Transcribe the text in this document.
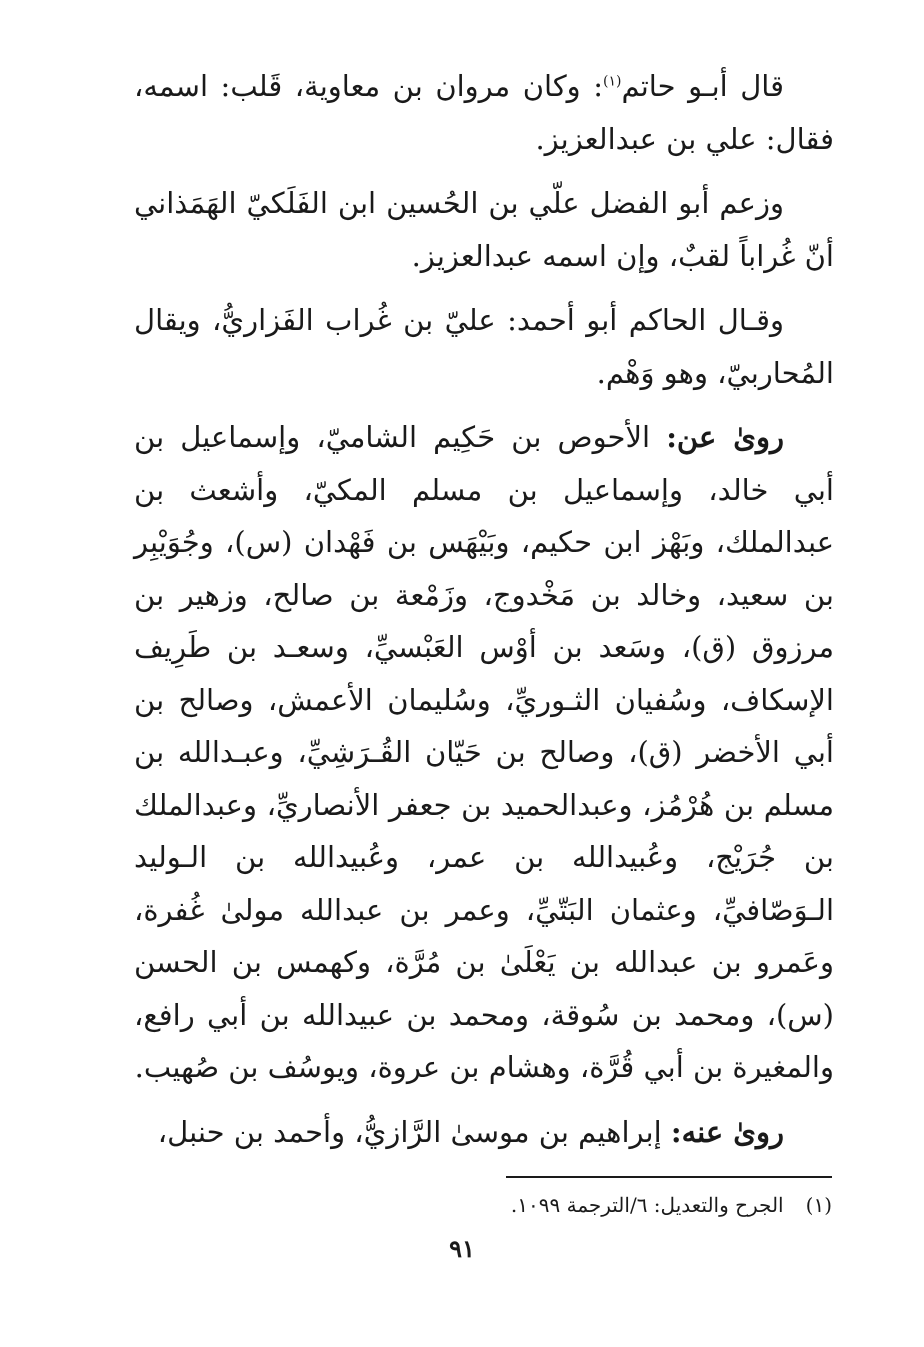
قال أبـو حاتم$^{(١)}$: وكان مروان بن معاوية، قَلب: اسمه، فقال: علي بن عبدالعزيز.

وزعم أبو الفضل علّي بن الحُسين ابن الفَلَكيّ الهَمَذاني أنّ غُراباً لقبٌ، وإن اسمه عبدالعزيز.

وقـال الحاكم أبو أحمد: عليّ بن غُراب الفَزاريُّ، ويقال المُحاربيّ، وهو وَهْم.

روىٰ عن: الأحوص بن حَكِيم الشاميّ، وإسماعيل بن أبي خالد، وإسماعيل بن مسلم المكيّ، وأشعث بن عبدالملك، وبَهْز ابن حكيم، وبَيْهَس بن فَهْدان (س)، وجُوَيْبِر بن سعيد، وخالد بن مَخْدوج، وزَمْعة بن صالح، وزهير بن مرزوق (ق)، وسَعد بن أوْس العَبْسيِّ، وسعـد بن طَرِيف الإسكاف، وسُفيان الثـوريِّ، وسُليمان الأعمش، وصالح بن أبي الأخضر (ق)، وصالح بن حَيّان القُـرَشِيِّ، وعبـدالله بن مسلم بن هُرْمُز، وعبدالحميد بن جعفر الأنصاريِّ، وعبدالملك بن جُرَيْج، وعُبيدالله بن عمر، وعُبيدالله بن الـوليد الـوَصّافيِّ، وعثمان البَتّيِّ، وعمر بن عبدالله مولىٰ غُفرة، وعَمرو بن عبدالله بن يَعْلَىٰ بن مُرَّة، وكهمس بن الحسن (س)، ومحمد بن سُوقة، ومحمد بن عبيدالله بن أبي رافع، والمغيرة بن أبي قُرَّة، وهشام بن عروة، ويوسُف بن صُهيب.

روىٰ عنه: إبراهيم بن موسىٰ الرَّازيُّ، وأحمد بن حنبل،

(١)الجرح والتعديل: ٦/الترجمة ١٠٩٩.
٩١
